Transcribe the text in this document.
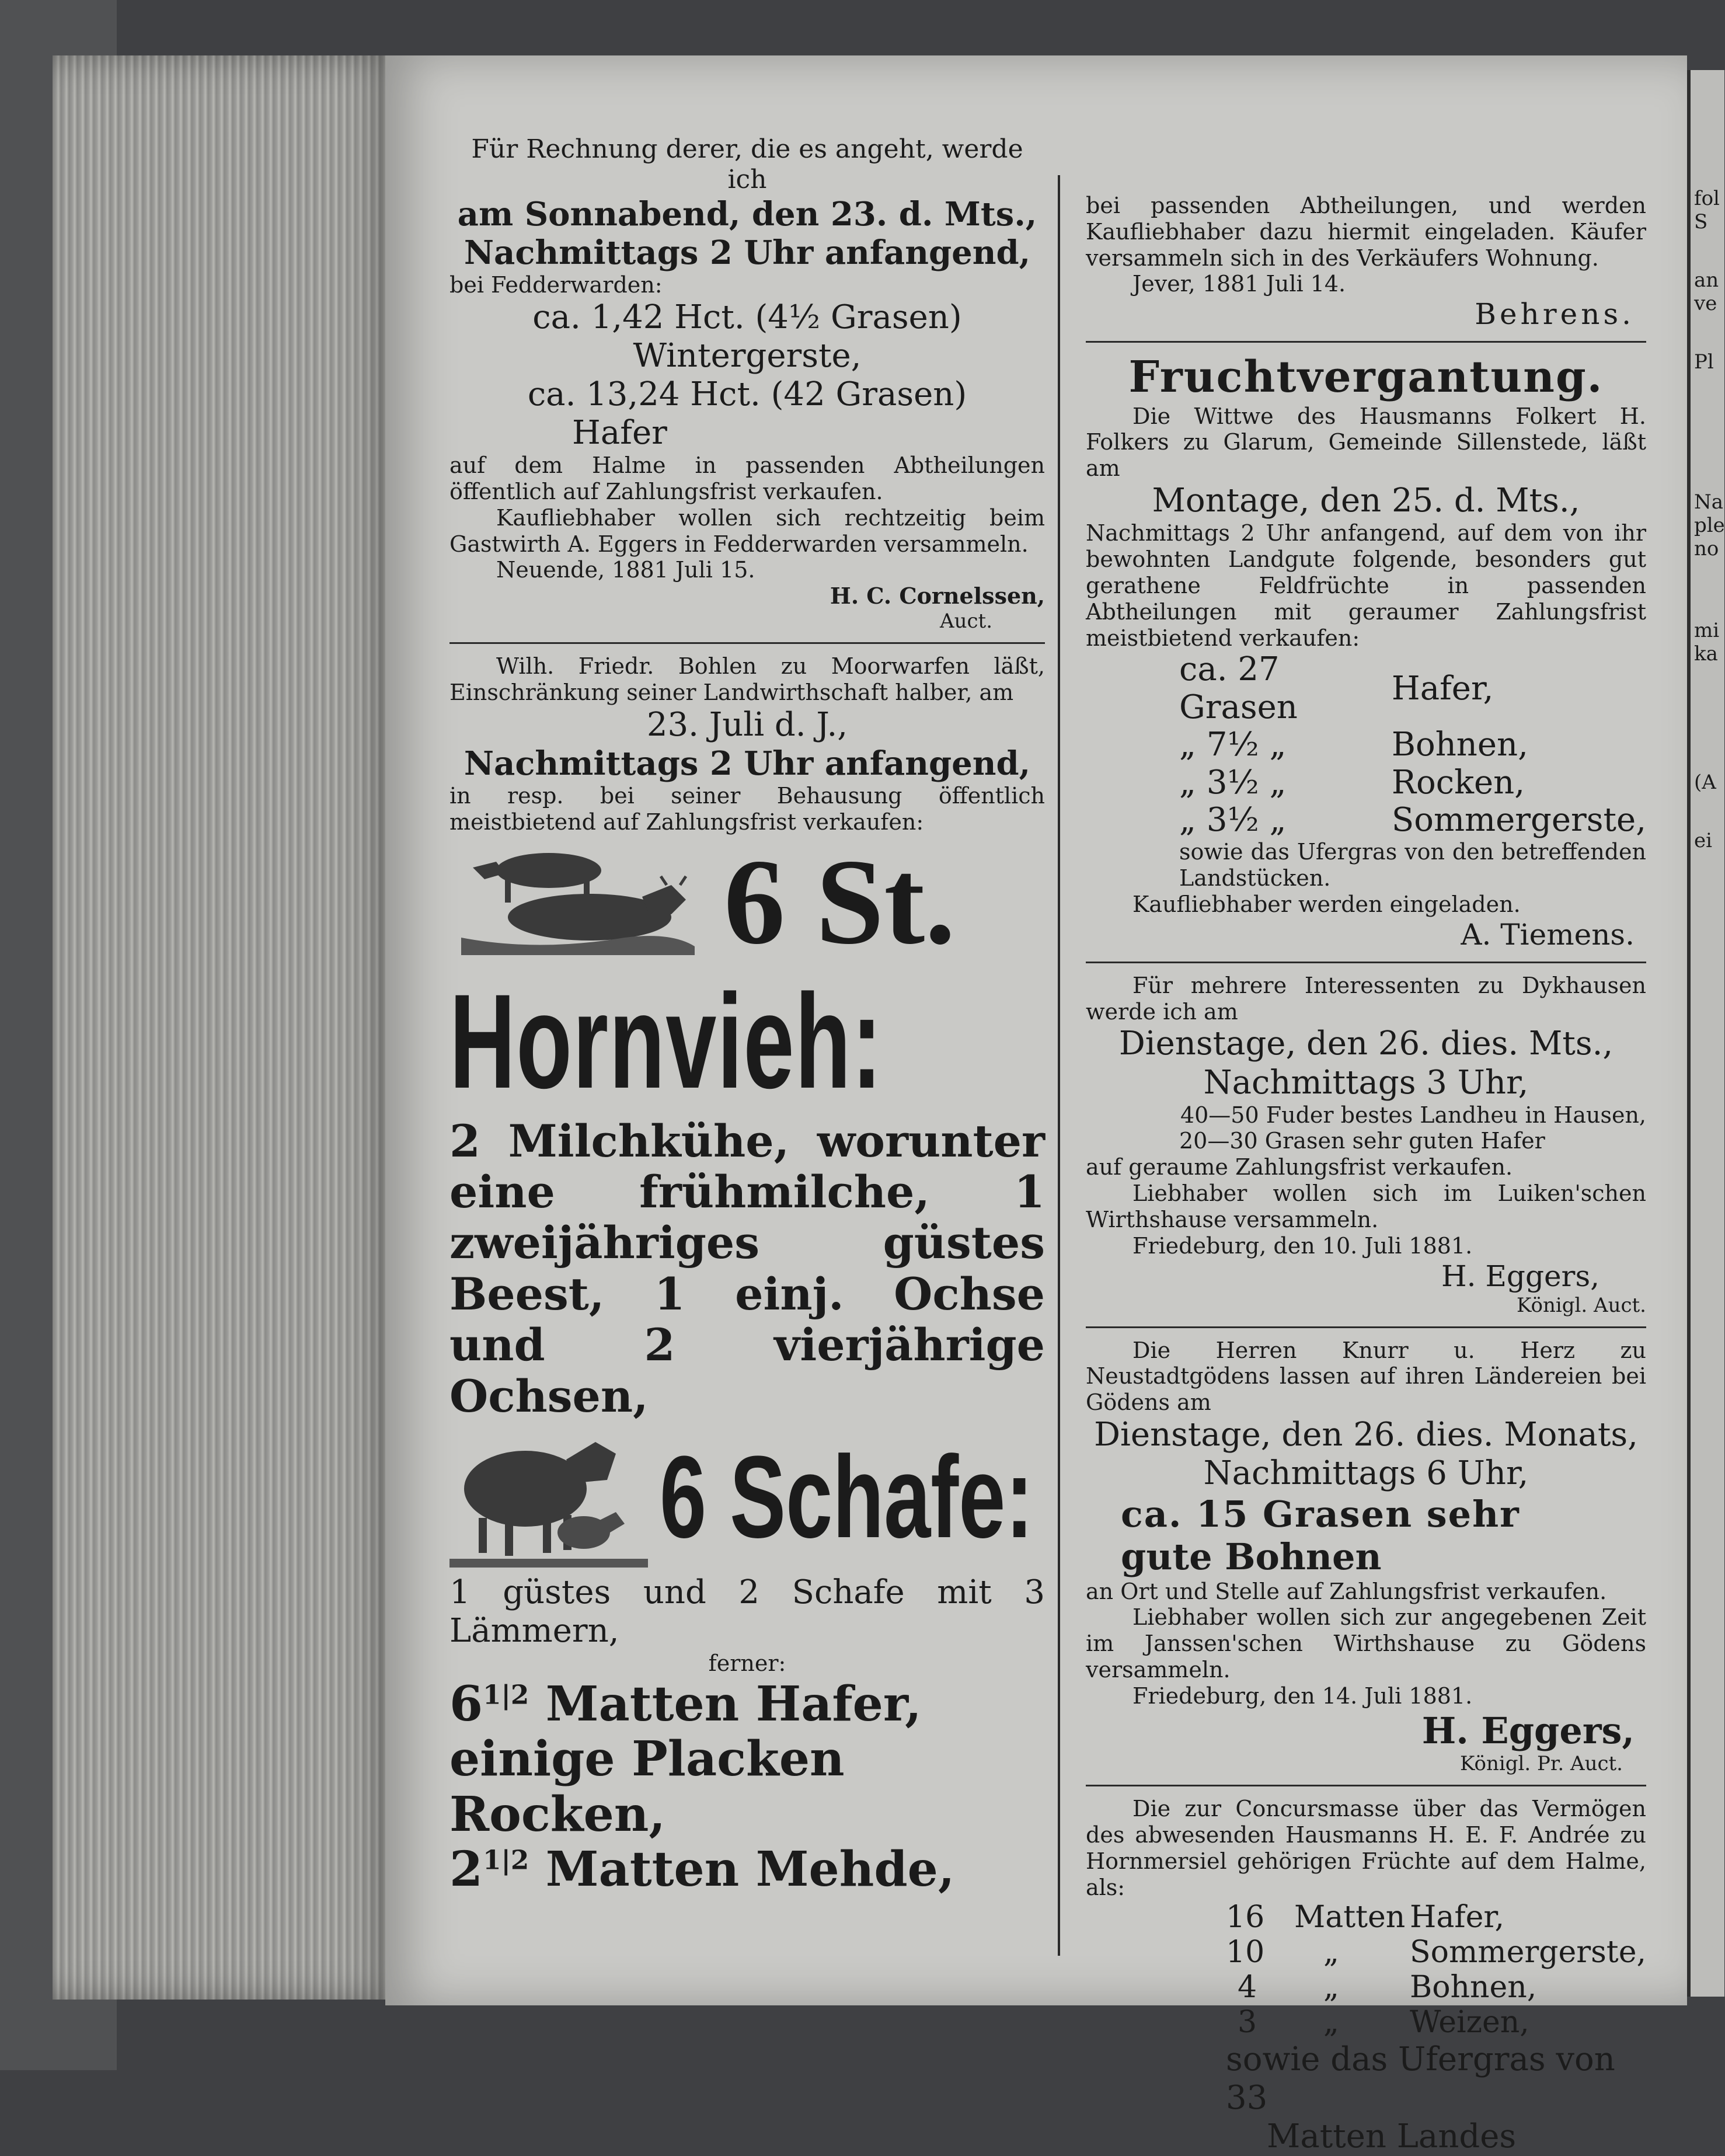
fol
S
an
ve
Pl
Na
ple
no
mi
ka
(A
ei

Für Rechnung derer, die es angeht, werde ich

am Sonnabend, den 23. d. Mts.,

Nachmittags 2 Uhr anfangend,

bei Fedderwarden:

ca. 1,42 Hct. (4½ Grasen)

Wintergerste,

ca. 13,24 Hct. (42 Grasen)

Hafer

auf dem Halme in passenden Abtheilungen öffentlich auf Zahlungsfrist verkaufen.

Kaufliebhaber wollen sich rechtzeitig beim Gastwirth A. Eggers in Fedderwarden versammeln.

Neuende, 1881 Juli 15.

H. C. Cornelssen,

Auct.

Wilh. Friedr. Bohlen zu Moorwarfen läßt, Einschränkung seiner Landwirthschaft halber, am

23. Juli d. J.,

Nachmittags 2 Uhr anfangend,

in resp. bei seiner Behausung öffentlich meistbietend auf Zahlungsfrist verkaufen:

6 St.
Hornvieh:

2 Milchkühe, worunter eine frühmilche, 1 zweijähriges güstes Beest, 1 einj. Ochse und 2 vierjährige Ochsen,

6 Schafe:

1 güstes und 2 Schafe mit 3 Lämmern,

ferner:

$6^{1|2}$ Matten Hafer,

einige Placken Rocken,

$2^{1|2}$ Matten Mehde,

bei passenden Abtheilungen, und werden Kaufliebhaber dazu hiermit eingeladen. Käufer versammeln sich in des Verkäufers Wohnung.

Jever, 1881 Juli 14.

Behrens.

Fruchtvergantung.

Die Wittwe des Hausmanns Folkert H. Folkers zu Glarum, Gemeinde Sillenstede, läßt am

Montage, den 25. d. Mts.,

Nachmittags 2 Uhr anfangend, auf dem von ihr bewohnten Landgute folgende, besonders gut gerathene Feldfrüchte in passenden Abtheilungen mit geraumer Zahlungsfrist meistbietend verkaufen:

ca. 27 Grasen	Hafer,
„ 7½ „	Bohnen,
„ 3½ „	Rocken,
„ 3½ „	Sommergerste,

sowie das Ufergras von den betreffenden Landstücken.

Kaufliebhaber werden eingeladen.

A. Tiemens.

Für mehrere Interessenten zu Dykhausen werde ich am

Dienstage, den 26. dies. Mts.,

Nachmittags 3 Uhr,

40—50 Fuder bestes Landheu in Hausen,

20—30 Grasen sehr guten Hafer

auf geraume Zahlungsfrist verkaufen.

Liebhaber wollen sich im Luiken'schen Wirthshause versammeln.

Friedeburg, den 10. Juli 1881.

H. Eggers,

Königl. Auct.

Die Herren Knurr u. Herz zu Neustadtgödens lassen auf ihren Ländereien bei Gödens am

Dienstage, den 26. dies. Monats,

Nachmittags 6 Uhr,

ca. 15 Grasen sehr

gute Bohnen

an Ort und Stelle auf Zahlungsfrist verkaufen.

Liebhaber wollen sich zur angegebenen Zeit im Janssen'schen Wirthshause zu Gödens versammeln.

Friedeburg, den 14. Juli 1881.

H. Eggers,

Königl. Pr. Auct.

Die zur Concursmasse über das Vermögen des abwesenden Hausmanns H. E. F. Andrée zu Hornmersiel gehörigen Früchte auf dem Halme, als:

16	Matten	Hafer,
10	„	Sommergerste,
4	„	Bohnen,
3	„	Weizen,

sowie das Ufergras von 33

Matten Landes
